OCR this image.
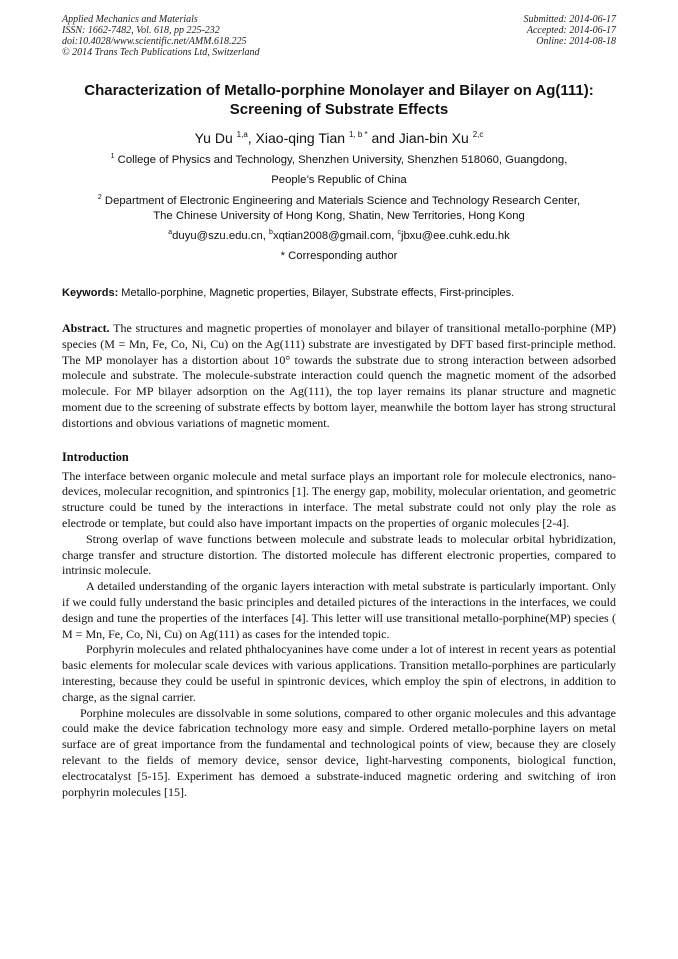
Applied Mechanics and Materials
ISSN: 1662-7482, Vol. 618, pp 225-232
doi:10.4028/www.scientific.net/AMM.618.225
© 2014 Trans Tech Publications Ltd, Switzerland
Submitted: 2014-06-17
Accepted: 2014-06-17
Online: 2014-08-18
Characterization of Metallo-porphine Monolayer and Bilayer on Ag(111):
Screening of Substrate Effects
Yu Du $^{1,a}$, Xiao-qing Tian $^{1, b *}$ and Jian-bin Xu $^{2,c}$
$^1$ College of Physics and Technology, Shenzhen University, Shenzhen 518060, Guangdong,
People’s Republic of China
$^2$ Department of Electronic Engineering and Materials Science and Technology Research Center,
The Chinese University of Hong Kong, Shatin, New Territories, Hong Kong
$^a$duyu@szu.edu.cn, $^b$xqtian2008@gmail.com, $^c$jbxu@ee.cuhk.edu.hk
* Corresponding author
Keywords: Metallo-porphine, Magnetic properties, Bilayer, Substrate effects, First-principles.
Abstract. The structures and magnetic properties of monolayer and bilayer of transitional metallo-porphine (MP) species (M = Mn, Fe, Co, Ni, Cu) on the Ag(111) substrate are investigated by DFT based first-principle method. The MP monolayer has a distortion about 10° towards the substrate due to strong interaction between adsorbed molecule and substrate. The molecule-substrate interaction could quench the magnetic moment of the adsorbed molecule. For MP bilayer adsorption on the Ag(111), the top layer remains its planar structure and magnetic moment due to the screening of substrate effects by bottom layer, meanwhile the bottom layer has strong structural distortions and obvious variations of magnetic moment.
Introduction

The interface between organic molecule and metal surface plays an important role for molecule electronics, nano-devices, molecular recognition, and spintronics [1]. The energy gap, mobility, molecular orientation, and geometric structure could be tuned by the interactions in interface. The metal substrate could not only play the role as electrode or template, but could also have important impacts on the properties of organic molecules [2-4].

Strong overlap of wave functions between molecule and substrate leads to molecular orbital hybridization, charge transfer and structure distortion. The distorted molecule has different electronic properties, compared to intrinsic molecule.

A detailed understanding of the organic layers interaction with metal substrate is particularly important. Only if we could fully understand the basic principles and detailed pictures of the interactions in the interfaces, we could design and tune the properties of the interfaces [4]. This letter will use transitional metallo-porphine(MP) species ( M = Mn, Fe, Co, Ni, Cu) on Ag(111) as cases for the intended topic.

Porphyrin molecules and related phthalocyanines have come under a lot of interest in recent years as potential basic elements for molecular scale devices with various applications. Transition metallo-porphines are particularly interesting, because they could be useful in spintronic devices, which employ the spin of electrons, in addition to charge, as the signal carrier.

Porphine molecules are dissolvable in some solutions, compared to other organic molecules and this advantage could make the device fabrication technology more easy and simple. Ordered metallo-porphine layers on metal surface are of great importance from the fundamental and technological points of view, because they are closely relevant to the fields of memory device, sensor device, light-harvesting components, biological function, electrocatalyst [5-15]. Experiment has demoed a substrate-induced magnetic ordering and switching of iron porphyrin molecules [15].
